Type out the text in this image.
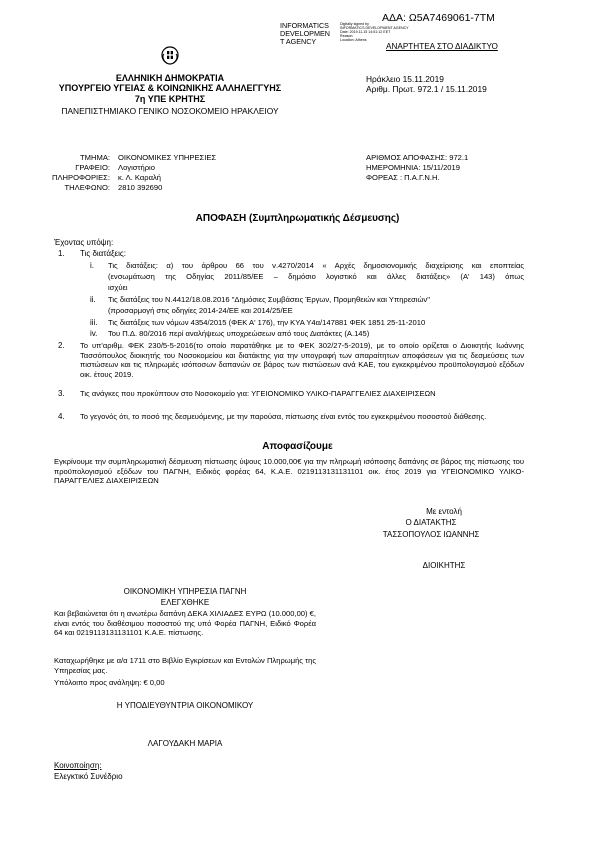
ΑΔΑ: Ω5Α7469061-7ΤΜ
INFORMATICS
DEVELOPMEN
T AGENCY
Digitally signed by
INFORMATICS DEVELOPMENT AGENCY
Date: 2019.11.15 14:51:12 EET
Reason:
Location: Athens
ΑΝΑΡΤΗΤΕΑ ΣΤΟ ΔΙΑΔΙΚΤΥΟ
ΕΛΛΗΝΙΚΗ ΔΗΜΟΚΡΑΤΙΑ
ΥΠΟΥΡΓΕΙΟ ΥΓΕΙΑΣ & ΚΟΙΝΩΝΙΚΗΣ ΑΛΛΗΛΕΓΓΥΗΣ
7η ΥΠΕ ΚΡΗΤΗΣ
ΠΑΝΕΠΙΣΤΗΜΙΑΚΟ ΓΕΝΙΚΟ ΝΟΣΟΚΟΜΕΙΟ ΗΡΑΚΛΕΙΟΥ
Ηράκλειο 15.11.2019
Αριθμ. Πρωτ. 972.1 / 15.11.2019
ΤΜΗΜΑ: ΟΙΚΟΝΟΜΙΚΕΣ ΥΠΗΡΕΣΙΕΣ
ΓΡΑΦΕΙΟ: Λογιστήριο
ΠΛΗΡΟΦΟΡΙΕΣ: κ. Λ. Καραλή
ΤΗΛΕΦΩΝΟ: 2810 392690
ΑΡΙΘΜΟΣ ΑΠΟΦΑΣΗΣ: 972.1
ΗΜΕΡΟΜΗΝΙΑ: 15/11/2019
ΦΟΡΕΑΣ : Π.Α.Γ.Ν.Η.
ΑΠΟΦΑΣΗ (Συμπληρωματικής Δέσμευσης)
Έχοντας υπόψη:
1. Τις διατάξεις:
i. Τις διατάξεις: α) του άρθρου 66 του ν.4270/2014 « Αρχές δημοσιονομικής διαχείρισης και εποπτείας
(ενσωμάτωση της Οδηγίας 2011/85/ΕΕ – δημόσιο λογιστικό και άλλες διατάξεις» (Α' 143) όπως
ισχύει
ii. Τις διατάξεις του Ν.4412/18.08.2016 "Δημόσιες Συμβάσεις Έργων, Προμηθειών και Υπηρεσιών"
(προσαρμογή στις οδηγίες 2014-24/ΕΕ και 2014/25/ΕΕ
iii. Τις διατάξεις των νόμων 4354/2015 (ΦΕΚ Α' 176), την ΚΥΑ Υ4α/147881 ΦΕΚ 1851 25-11-2010
iv. Του Π.Δ. 80/2016 περί αναλήψεως υποχρεώσεων από τους Διατάκτες (Α.145)
2. Το υπ'αριθμ. ΦΕΚ 230/5-5-2016(το οποίο παρατάθηκε με το ΦΕΚ 302/27-5-2019), με το οποίο ορίζεται ο Διοικητής Ιωάννης Τασσόπουλος διοικητής του Νοσοκομείου και διατάκτης για την υπογραφή των απαραίτητων αποφάσεων για τις δεσμεύσεις των πιστώσεων και τις πληρωμές ισόποσων δαπανών σε βάρος των πιστώσεων ανά ΚΑΕ, του εγκεκριμένου προϋπολογισμού εξόδων οικ. έτους 2019.
3. Τις ανάγκες που προκύπτουν στο Νοσοκομείο για: ΥΓΕΙΟΝΟΜΙΚΟ ΥΛΙΚΟ-ΠΑΡΑΓΓΕΛΙΕΣ ΔΙΑΧΕΙΡΙΣΕΩΝ
4. Το γεγονός ότι, το ποσό της δεσμευόμενης, με την παρούσα, πίστωσης είναι εντός του εγκεκριμένου ποσοστού διάθεσης.
Αποφασίζουμε
Εγκρίνουμε την συμπληρωματική δέσμευση πίστωσης ύψους 10.000,00€ για την πληρωμή ισόποσης δαπάνης σε βάρος της πίστωσης του προϋπολογισμού εξόδων του ΠΑΓΝΗ, Ειδικός φορέας 64, Κ.Α.Ε. 0219113131131101 οικ. έτος 2019 για ΥΓΕΙΟΝΟΜΙΚΟ ΥΛΙΚΟ-ΠΑΡΑΓΓΕΛΙΕΣ ΔΙΑΧΕΙΡΙΣΕΩΝ
Με εντολή
Ο ΔΙΑΤΑΚΤΗΣ
ΤΑΣΣΟΠΟΥΛΟΣ ΙΩΑΝΝΗΣ
ΔΙΟΙΚΗΤΗΣ
ΟΙΚΟΝΟΜΙΚΗ ΥΠΗΡΕΣΙΑ ΠΑΓΝΗ
ΕΛΕΓΧΘΗΚΕ
Και βεβαιώνεται ότι η ανωτέρω δαπάνη ΔΕΚΑ ΧΙΛΙΑΔΕΣ ΕΥΡΩ (10.000,00) €, είναι εντός του διαθέσιμου ποσοστού της υπό Φορέα ΠΑΓΝΗ, Ειδικό Φορέα 64 και 0219113131131101 Κ.Α.Ε. πίστωσης.
Καταχωρήθηκε με α/α 1711 στο Βιβλίο Εγκρίσεων και Εντολών Πληρωμής της Υπηρεσίας μας.
Υπόλοιπο προς ανάληψη: € 0,00
Η ΥΠΟΔΙΕΥΘΥΝΤΡΙΑ ΟΙΚΟΝΟΜΙΚΟΥ
ΛΑΓΟΥΔΑΚΗ ΜΑΡΙΑ
Κοινοποίηση:
Ελεγκτικό Συνέδριο
